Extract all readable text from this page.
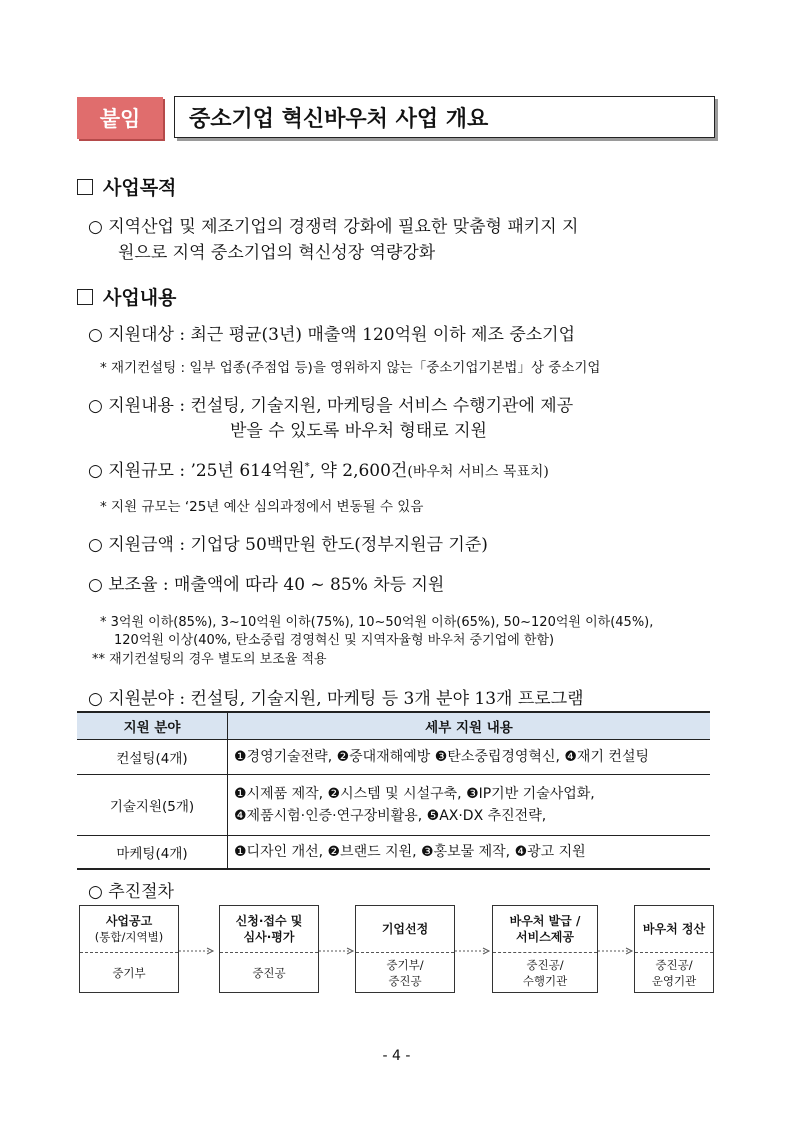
붙임	중소기업 혁신바우처 사업 개요
사업목적
○ 지역산업 및 제조기업의 경쟁력 강화에 필요한 맞춤형 패키지 지
원으로 지역 중소기업의 혁신성장 역량강화
사업내용
○ 지원대상 : 최근 평균(3년) 매출액 120억원 이하 제조 중소기업
* 재기컨설팅 : 일부 업종(주점업 등)을 영위하지 않는「중소기업기본법」상 중소기업
○ 지원내용 : 컨설팅, 기술지원, 마케팅을 서비스 수행기관에 제공
받을 수 있도록 바우처 형태로 지원
○ 지원규모 : ’25년 614억원*, 약 2,600건(바우처 서비스 목표치)
* 지원 규모는 ‘25년 예산 심의과정에서 변동될 수 있음
○ 지원금액 : 기업당 50백만원 한도(정부지원금 기준)
○ 보조율 : 매출액에 따라 40 ~ 85% 차등 지원
* 3억원 이하(85%), 3~10억원 이하(75%), 10~50억원 이하(65%), 50~120억원 이하(45%),
120억원 이상(40%, 탄소중립 경영혁신 및 지역자율형 바우처 중기업에 한함)
** 재기컨설팅의 경우 별도의 보조율 적용
○ 지원분야 : 컨설팅, 기술지원, 마케팅 등 3개 분야 13개 프로그램
지원 분야	세부 지원 내용
컨설팅(4개)	❶경영기술전략, ❷중대재해예방 ❸탄소중립경영혁신, ❹재기 컨설팅
기술지원(5개)	❶시제품 제작, ❷시스템 및 시설구축, ❸IP기반 기술사업화,
❹제품시험·인증·연구장비활용, ❺AX·DX 추진전략,

마케팅(4개)	❶디자인 개선, ❷브랜드 지원, ❸홍보물 제작, ❹광고 지원
○ 추진절차
사업공고
(통합/지역별)
중기부
신청·접수 및
심사·평가
중진공
기업선정
중기부/
중진공
바우처 발급 /
서비스제공
중진공/
수행기관
바우처 정산
중진공/
운영기관
- 4 -
